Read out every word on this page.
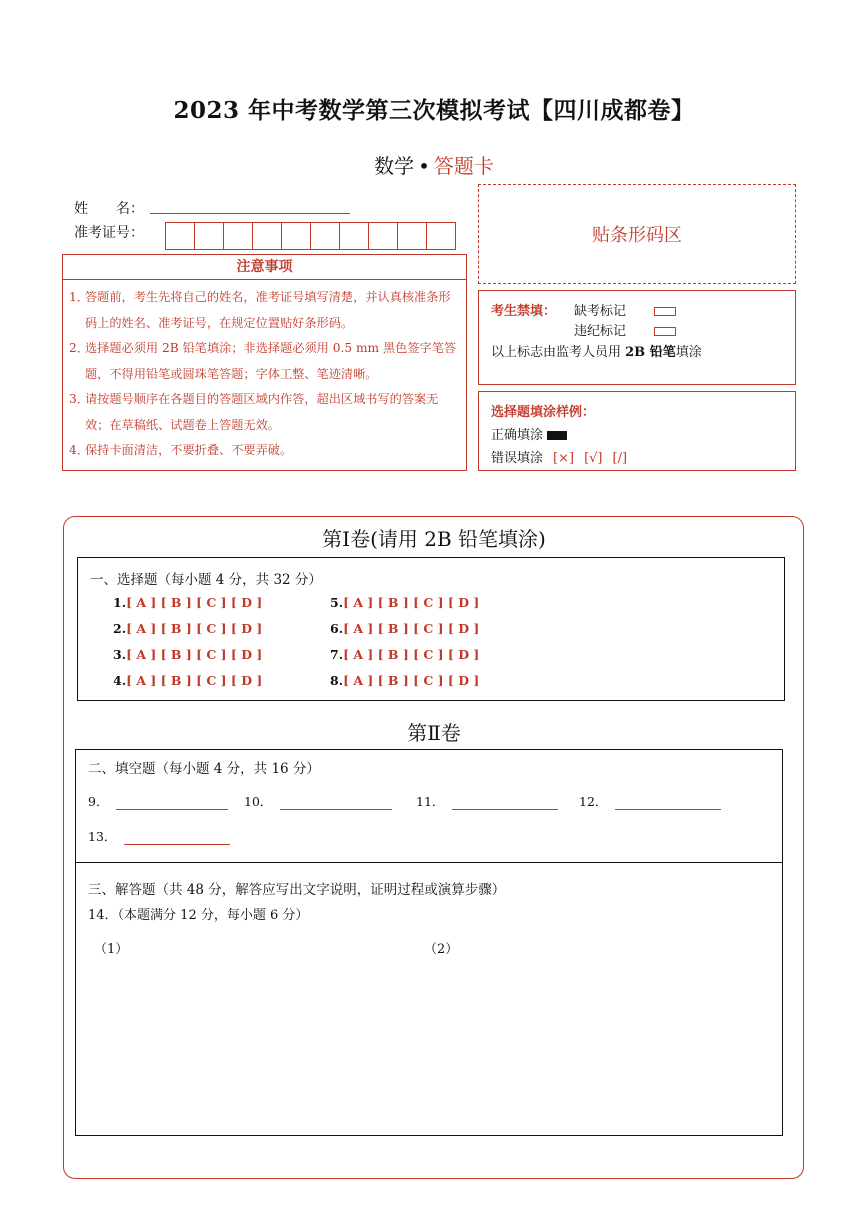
2023 年中考数学第三次模拟考试【四川成都卷】
数学 • 答题卡
姓　　名：
准考证号：	贴条形码区
注意事项
1．
答题前，考生先将自己的姓名，准考证号填写清楚，并认真核准条形码上的姓名、准考证号，在规定位置贴好条形码。
2．
选择题必须用 2B 铅笔填涂；非选择题必须用 0.5 mm 黑色签字笔答题，不得用铅笔或圆珠笔答题；字体工整、笔迹清晰。
3．
请按题号顺序在各题目的答题区域内作答，超出区域书写的答案无效；在草稿纸、试题卷上答题无效。
4．
保持卡面清洁，不要折叠、不要弄破。
考生禁填： 缺考标记
违纪标记
以上标志由监考人员用 2B 铅笔填涂
选择题填涂样例：
正确填涂
错误填涂 [×] [√] [/]
第Ⅰ卷(请用 2B 铅笔填涂)
一、选择题（每小题 4 分，共 32 分）
1.[ A ] [ B ] [ C ] [ D ]
2.[ A ] [ B ] [ C ] [ D ]
3.[ A ] [ B ] [ C ] [ D ]
4.[ A ] [ B ] [ C ] [ D ]
5.[ A ] [ B ] [ C ] [ D ]
6.[ A ] [ B ] [ C ] [ D ]
7.[ A ] [ B ] [ C ] [ D ]
8.[ A ] [ B ] [ C ] [ D ]
第Ⅱ卷
二、填空题（每小题 4 分，共 16 分）
9．	10．	11．	12．
13．
三、解答题（共 48 分，解答应写出文字说明，证明过程或演算步骤）
14．（本题满分 12 分，每小题 6 分）
（1）	（2）
